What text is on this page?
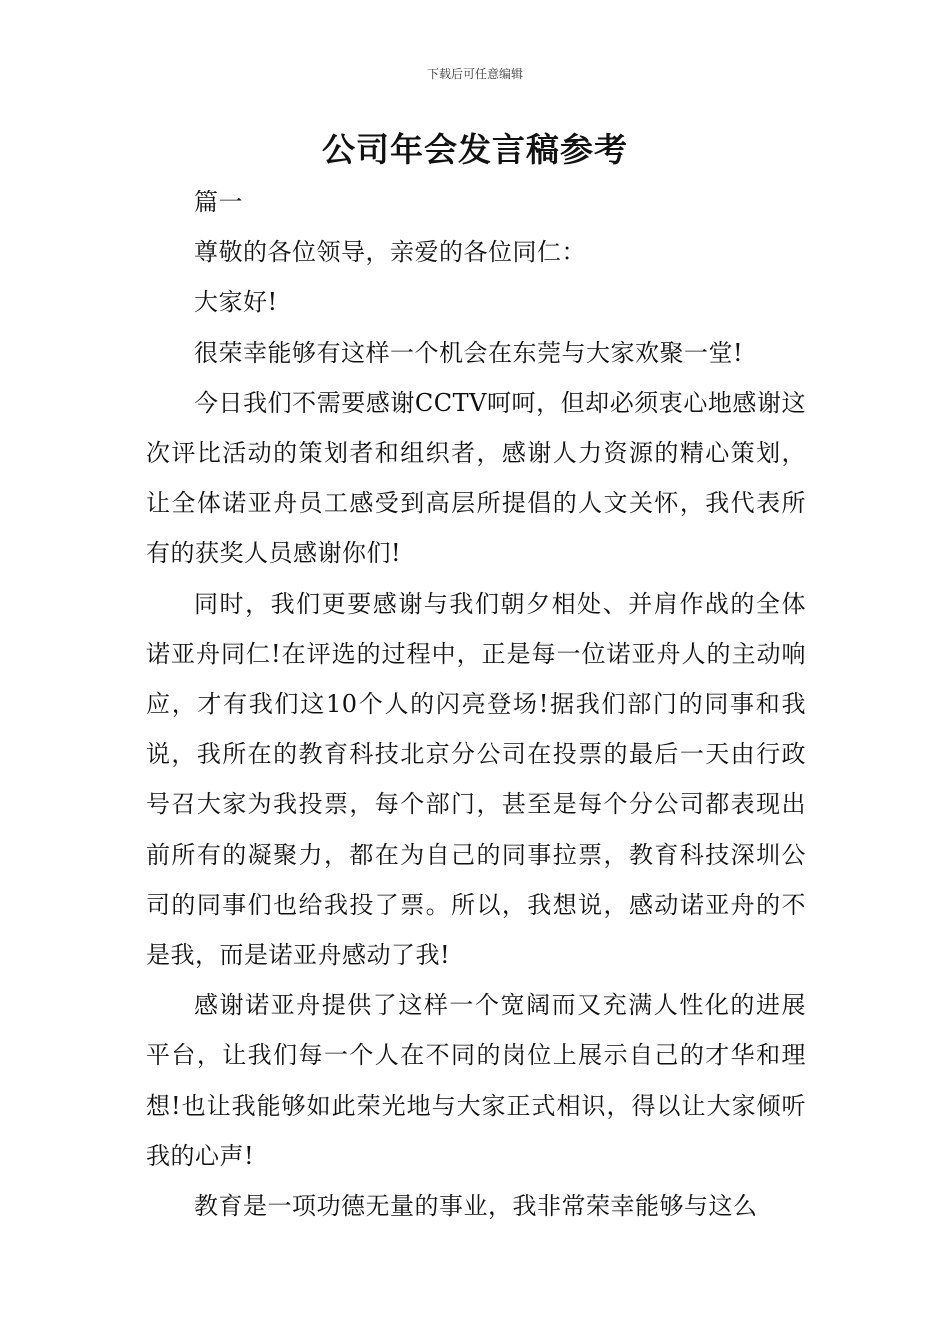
下载后可任意编辑
公司年会发言稿参考

篇一

尊敬的各位领导，亲爱的各位同仁：

大家好!

很荣幸能够有这样一个机会在东莞与大家欢聚一堂!

今日我们不需要感谢CCTV呵呵，但却必须衷心地感谢这次评比活动的策划者和组织者，感谢人力资源的精心策划，让全体诺亚舟员工感受到高层所提倡的人文关怀，我代表所有的获奖人员感谢你们!

同时，我们更要感谢与我们朝夕相处、并肩作战的全体诺亚舟同仁!在评选的过程中，正是每一位诺亚舟人的主动响应，才有我们这10个人的闪亮登场!据我们部门的同事和我说，我所在的教育科技北京分公司在投票的最后一天由行政号召大家为我投票，每个部门，甚至是每个分公司都表现出前所有的凝聚力，都在为自己的同事拉票，教育科技深圳公司的同事们也给我投了票。所以，我想说，感动诺亚舟的不是我，而是诺亚舟感动了我!

感谢诺亚舟提供了这样一个宽阔而又充满人性化的进展平台，让我们每一个人在不同的岗位上展示自己的才华和理想!也让我能够如此荣光地与大家正式相识，得以让大家倾听我的心声!

教育是一项功德无量的事业，我非常荣幸能够与这么
